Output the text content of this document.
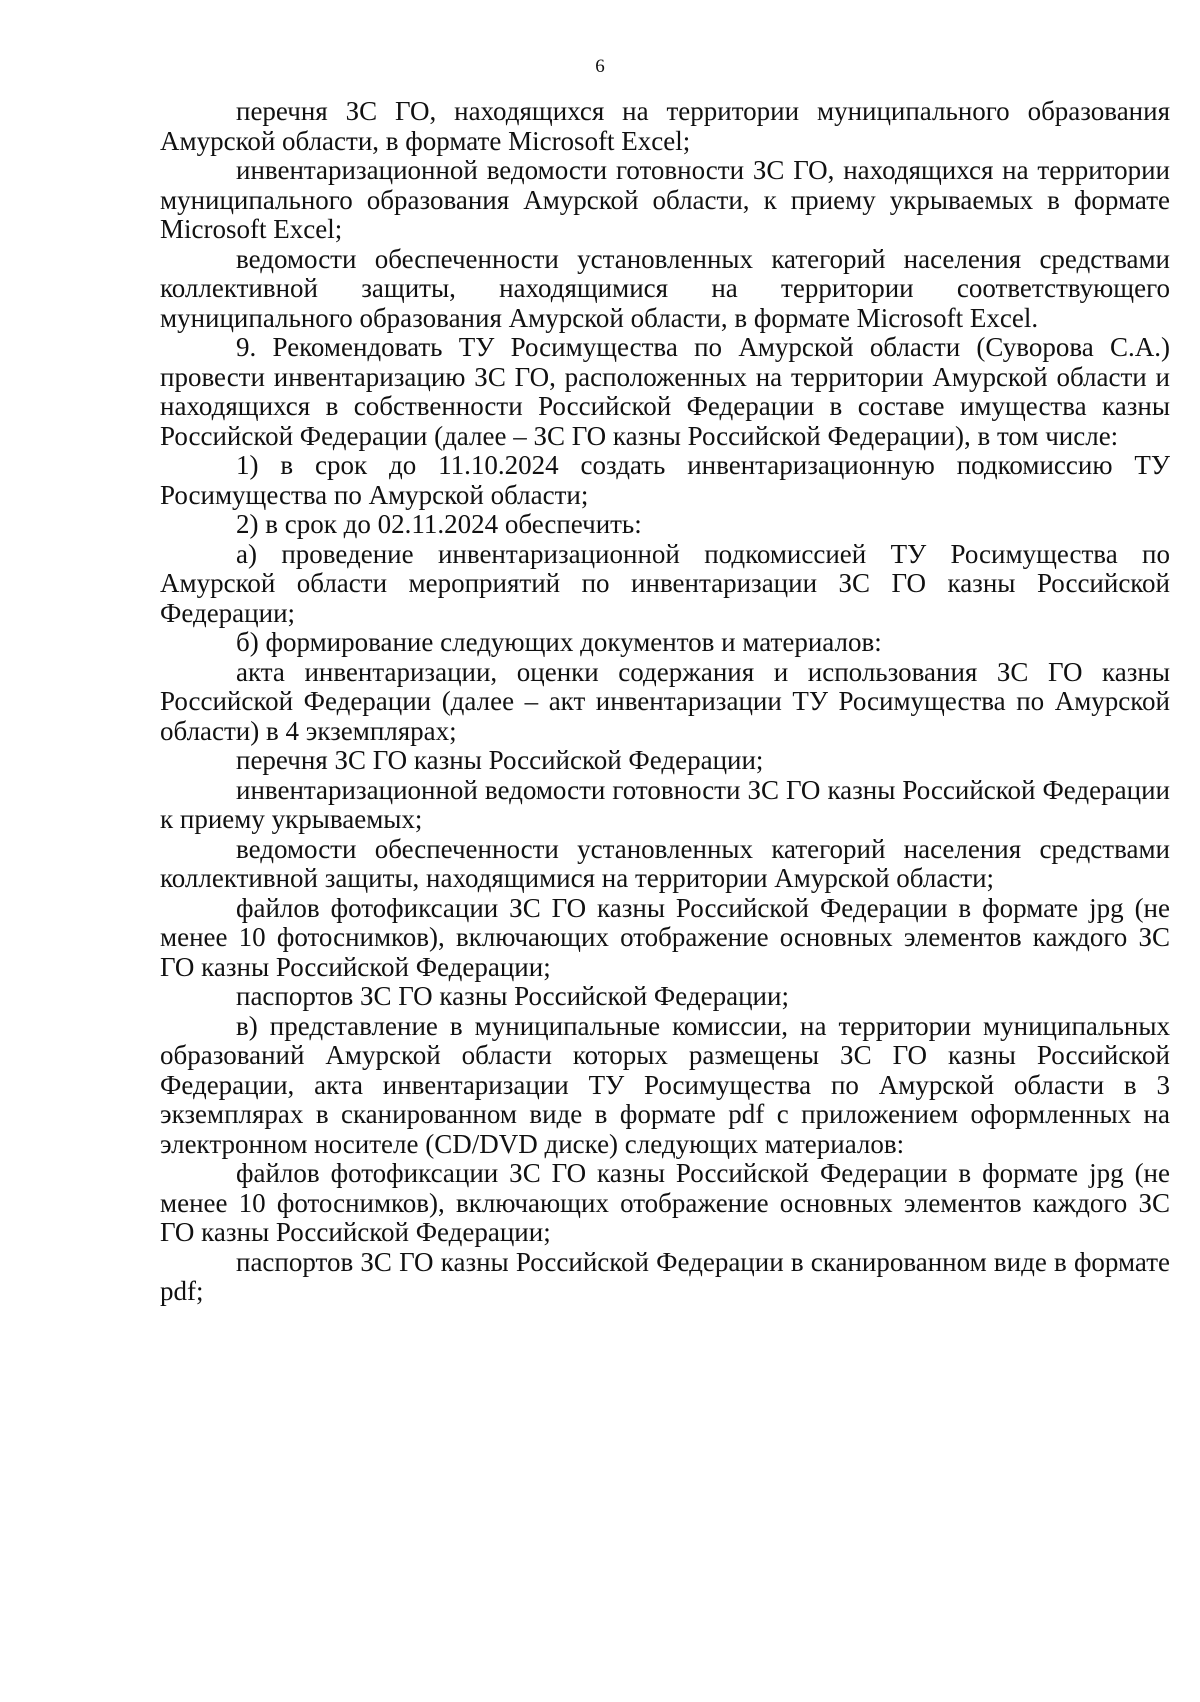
6

перечня ЗС ГО, находящихся на территории муниципального образования Амурской области, в формате Microsoft Excel;

инвентаризационной ведомости готовности ЗС ГО, находящихся на территории муниципального образования Амурской области, к приему укрываемых в формате Microsoft Excel;

ведомости обеспеченности установленных категорий населения средствами коллективной защиты, находящимися на территории соответствующего муниципального образования Амурской области, в формате Microsoft Excel.

9. Рекомендовать ТУ Росимущества по Амурской области (Суворова С.А.) провести инвентаризацию ЗС ГО, расположенных на территории Амурской области и находящихся в собственности Российской Федерации в составе имущества казны Российской Федерации (далее – ЗС ГО казны Российской Федерации), в том числе:

1) в срок до 11.10.2024 создать инвентаризационную подкомиссию ТУ Росимущества по Амурской области;

2) в срок до 02.11.2024 обеспечить:

а) проведение инвентаризационной подкомиссией ТУ Росимущества по Амурской области мероприятий по инвентаризации ЗС ГО казны Российской Федерации;

б) формирование следующих документов и материалов:

акта инвентаризации, оценки содержания и использования ЗС ГО казны Российской Федерации (далее – акт инвентаризации ТУ Росимущества по Амурской области) в 4 экземплярах;

перечня ЗС ГО казны Российской Федерации;

инвентаризационной ведомости готовности ЗС ГО казны Российской Федерации к приему укрываемых;

ведомости обеспеченности установленных категорий населения средствами коллективной защиты, находящимися на территории Амурской области;

файлов фотофиксации ЗС ГО казны Российской Федерации в формате jpg (не менее 10 фотоснимков), включающих отображение основных элементов каждого ЗС ГО казны Российской Федерации;

паспортов ЗС ГО казны Российской Федерации;

в) представление в муниципальные комиссии, на территории муниципальных образований Амурской области которых размещены ЗС ГО казны Российской Федерации, акта инвентаризации ТУ Росимущества по Амурской области в 3 экземплярах в сканированном виде в формате pdf с приложением оформленных на электронном носителе (CD/DVD диске) следующих материалов:

файлов фотофиксации ЗС ГО казны Российской Федерации в формате jpg (не менее 10 фотоснимков), включающих отображение основных элементов каждого ЗС ГО казны Российской Федерации;

паспортов ЗС ГО казны Российской Федерации в сканированном виде в формате pdf;
